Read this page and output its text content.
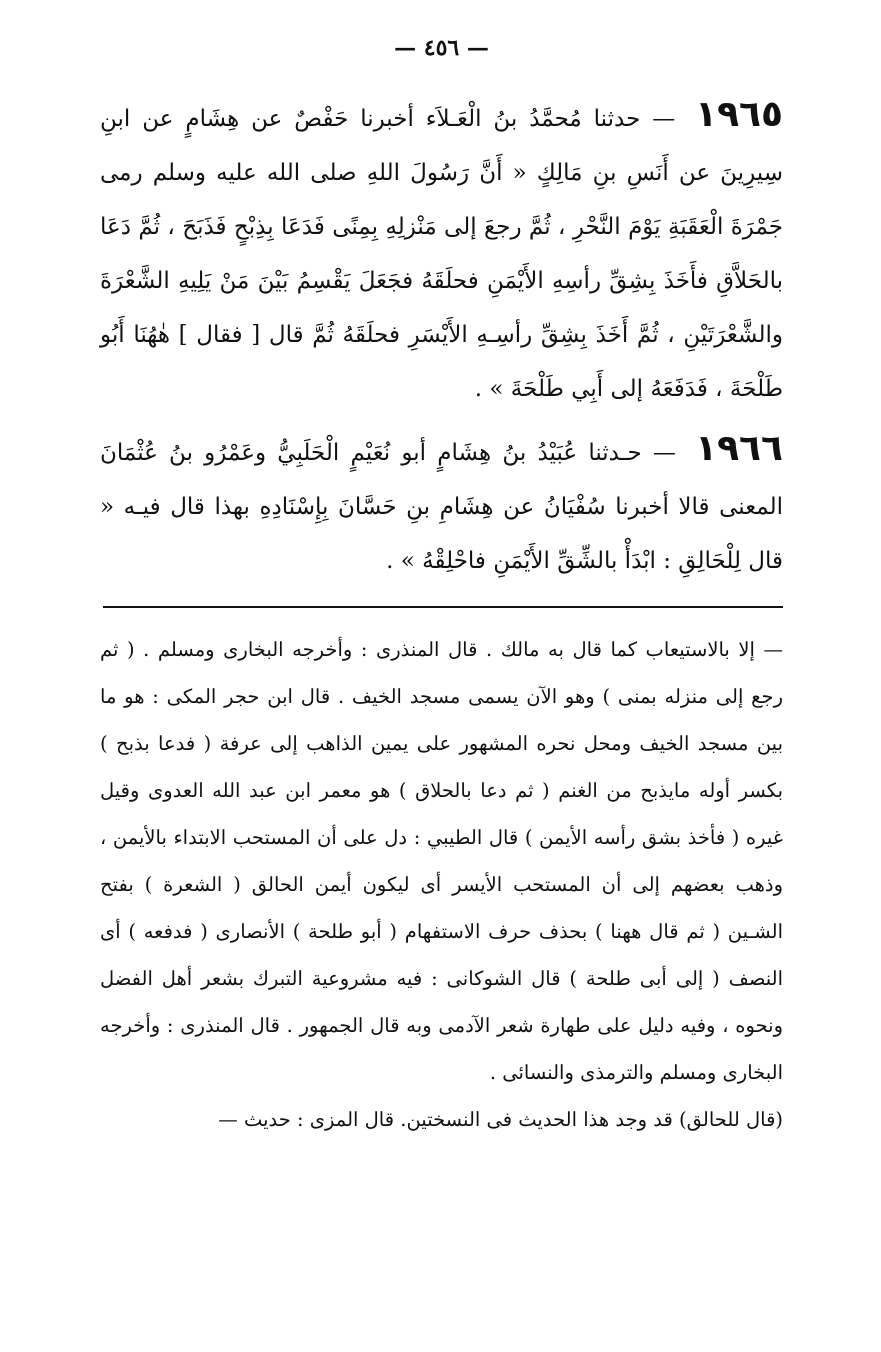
— ٤٥٦ —

١٩٦٥ — حدثنا مُحمَّدُ بنُ الْعَـلاَء أخبرنا حَفْصٌ عن هِشَامٍ عن ابنِ سِيرِينَ عن أَنَسِ بنِ مَالِكٍ « أَنَّ رَسُولَ اللهِ صلى الله عليه وسلم رمى جَمْرَةَ الْعَقَبَةِ يَوْمَ النَّحْرِ ، ثُمَّ رجعَ إلى مَنْزلِهِ بِمِنًى فَدَعَا بِذِبْحٍ فَذَبَحَ ، ثُمَّ دَعَا بالحَلاَّقِ فأَخَذَ بِشِقِّ رأسِهِ الأَيْمَنِ فحلَقَهُ فجَعَلَ يَقْسِمُ بَيْنَ مَنْ يَلِيهِ الشَّعْرَةَ والشَّعْرَتَيْنِ ، ثُمَّ أَخَذَ بِشِقِّ رأسِـهِ الأَيْسَرِ فحلَقَهُ ثُمَّ قال [ فقال ] هٰهُنَا أَبُو طَلْحَةَ ، فَدَفَعَهُ إلى أَبِي طَلْحَةَ » .

١٩٦٦ — حـدثنا عُبَيْدُ بنُ هِشَامٍ أبو نُعَيْمٍ الْحَلَبِيُّ وعَمْرُو بنُ عُثْمَانَ المعنى قالا أخبرنا سُفْيَانُ عن هِشَامِ بنِ حَسَّانَ بِإِسْنَادِهِ بهذا قال فيـه « قال لِلْحَالِقِ : ابْدَأْ بالشِّقِّ الأَيْمَنِ فاحْلِقْهُ » .

— إلا بالاستيعاب كما قال به مالك . قال المنذرى : وأخرجه البخارى ومسلم . ( ثم رجع إلى منزله بمنى ) وهو الآن يسمى مسجد الخيف . قال ابن حجر المكى : هو ما بين مسجد الخيف ومحل نحره المشهور على يمين الذاهب إلى عرفة ( فدعا بذبح ) بكسر أوله مايذبح من الغنم ( ثم دعا بالحلاق ) هو معمر ابن عبد الله العدوى وقيل غيره ( فأخذ بشق رأسه الأيمن ) قال الطيبي : دل على أن المستحب الابتداء بالأيمن ، وذهب بعضهم إلى أن المستحب الأيسر أى ليكون أيمن الحالق ( الشعرة ) بفتح الشـين ( ثم قال ههنا ) بحذف حرف الاستفهام ( أبو طلحة ) الأنصارى ( فدفعه ) أى النصف ( إلى أبى طلحة ) قال الشوكانى : فيه مشروعية التبرك بشعر أهل الفضل ونحوه ، وفيه دليل على طهارة شعر الآدمى وبه قال الجمهور . قال المنذرى : وأخرجه البخارى ومسلم والترمذى والنسائى .

(قال للحالق) قد وجد هذا الحديث فى النسختين. قال المزى : حديث —
